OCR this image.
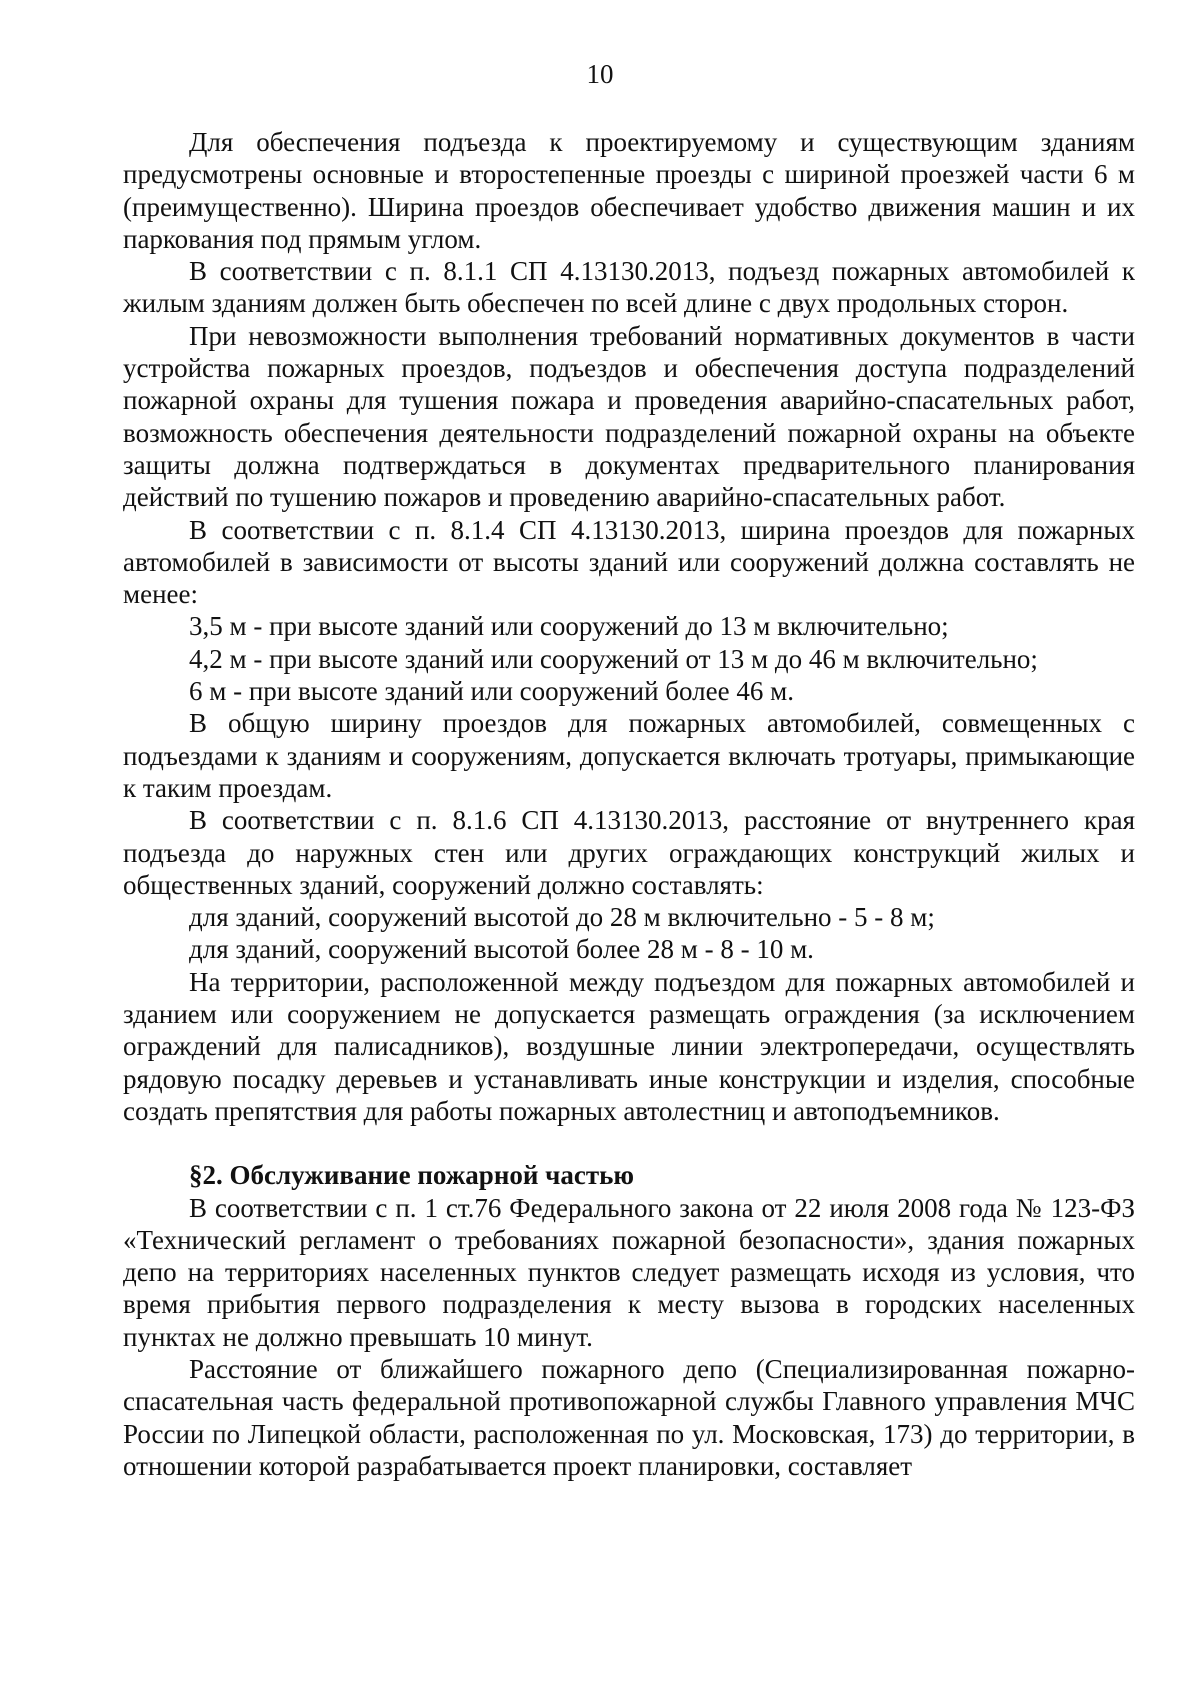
10

Для обеспечения подъезда к проектируемому и существующим зданиям предусмотрены основные и второстепенные проезды с шириной проезжей части 6 м (преимущественно). Ширина проездов обеспечивает удобство движения машин и их паркования под прямым углом.

В соответствии с п. 8.1.1 СП 4.13130.2013, подъезд пожарных автомобилей к жилым зданиям должен быть обеспечен по всей длине с двух продольных сторон.

При невозможности выполнения требований нормативных документов в части устройства пожарных проездов, подъездов и обеспечения доступа подразделений пожарной охраны для тушения пожара и проведения аварийно-спасательных работ, возможность обеспечения деятельности подразделений пожарной охраны на объекте защиты должна подтверждаться в документах предварительного планирования действий по тушению пожаров и проведению аварийно-спасательных работ.

В соответствии с п. 8.1.4 СП 4.13130.2013, ширина проездов для пожарных автомобилей в зависимости от высоты зданий или сооружений должна составлять не менее:

3,5 м - при высоте зданий или сооружений до 13 м включительно;

4,2 м - при высоте зданий или сооружений от 13 м до 46 м включительно;

6 м - при высоте зданий или сооружений более 46 м.

В общую ширину проездов для пожарных автомобилей, совмещенных с подъездами к зданиям и сооружениям, допускается включать тротуары, примыкающие к таким проездам.

В соответствии с п. 8.1.6 СП 4.13130.2013, расстояние от внутреннего края подъезда до наружных стен или других ограждающих конструкций жилых и общественных зданий, сооружений должно составлять:

для зданий, сооружений высотой до 28 м включительно - 5 - 8 м;

для зданий, сооружений высотой более 28 м - 8 - 10 м.

На территории, расположенной между подъездом для пожарных автомобилей и зданием или сооружением не допускается размещать ограждения (за исключением ограждений для палисадников), воздушные линии электропередачи, осуществлять рядовую посадку деревьев и устанавливать иные конструкции и изделия, способные создать препятствия для работы пожарных автолестниц и автоподъемников.

§2. Обслуживание пожарной частью

В соответствии с п. 1 ст.76 Федерального закона от 22 июля 2008 года № 123-ФЗ «Технический регламент о требованиях пожарной безопасности», здания пожарных депо на территориях населенных пунктов следует размещать исходя из условия, что время прибытия первого подразделения к месту вызова в городских населенных пунктах не должно превышать 10 минут.

Расстояние от ближайшего пожарного депо (Специализированная пожарно-спасательная часть федеральной противопожарной службы Главного управления МЧС России по Липецкой области, расположенная по ул. Московская, 173) до территории, в отношении которой разрабатывается проект планировки, составляет
